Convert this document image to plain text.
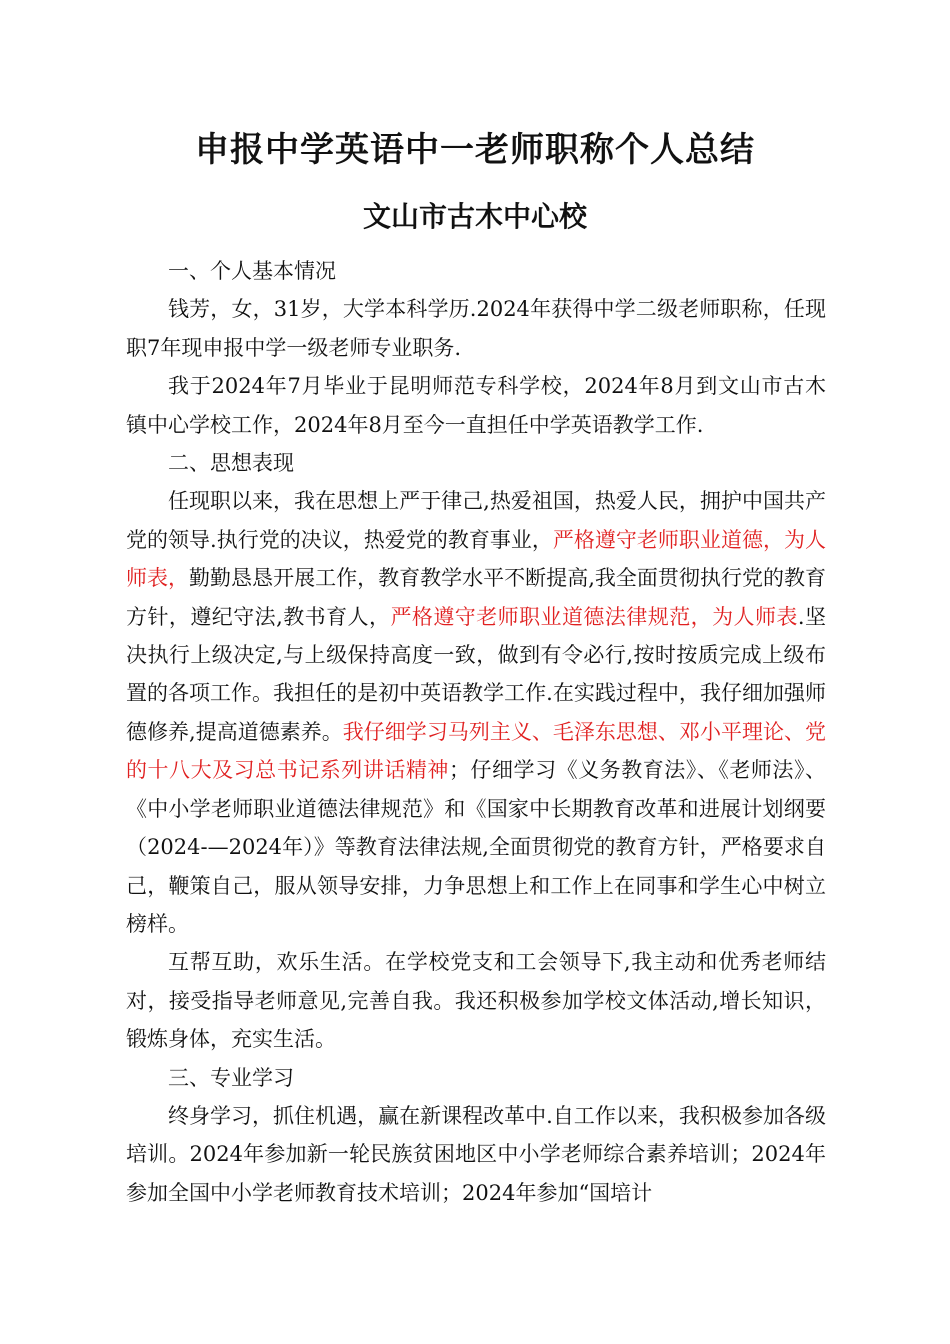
申报中学英语中一老师职称个人总结
文山市古木中心校

一、个人基本情况

钱芳，女，31岁，大学本科学历.2024年获得中学二级老师职称，任现职7年现申报中学一级老师专业职务.

我于2024年7月毕业于昆明师范专科学校，2024年8月到文山市古木镇中心学校工作，2024年8月至今一直担任中学英语教学工作.

二、思想表现

任现职以来，我在思想上严于律己,热爱祖国，热爱人民，拥护中国共产党的领导.执行党的决议，热爱党的教育事业，严格遵守老师职业道德，为人师表，勤勤恳恳开展工作，教育教学水平不断提高,我全面贯彻执行党的教育方针，遵纪守法,教书育人，严格遵守老师职业道德法律规范，为人师表.坚决执行上级决定,与上级保持高度一致，做到有令必行,按时按质完成上级布置的各项工作。我担任的是初中英语教学工作.在实践过程中，我仔细加强师德修养,提高道德素养。我仔细学习马列主义、毛泽东思想、邓小平理论、党的十八大及习总书记系列讲话精神；仔细学习《义务教育法》、《老师法》、《中小学老师职业道德法律规范》和《国家中长期教育改革和进展计划纲要（2024-—2024年）》等教育法律法规,全面贯彻党的教育方针，严格要求自己，鞭策自己，服从领导安排，力争思想上和工作上在同事和学生心中树立榜样。

互帮互助，欢乐生活。在学校党支和工会领导下,我主动和优秀老师结对，接受指导老师意见,完善自我。我还积极参加学校文体活动,增长知识，锻炼身体，充实生活。

三、专业学习

终身学习，抓住机遇，赢在新课程改革中.自工作以来，我积极参加各级培训。2024年参加新一轮民族贫困地区中小学老师综合素养培训；2024年参加全国中小学老师教育技术培训；2024年参加“国培计
